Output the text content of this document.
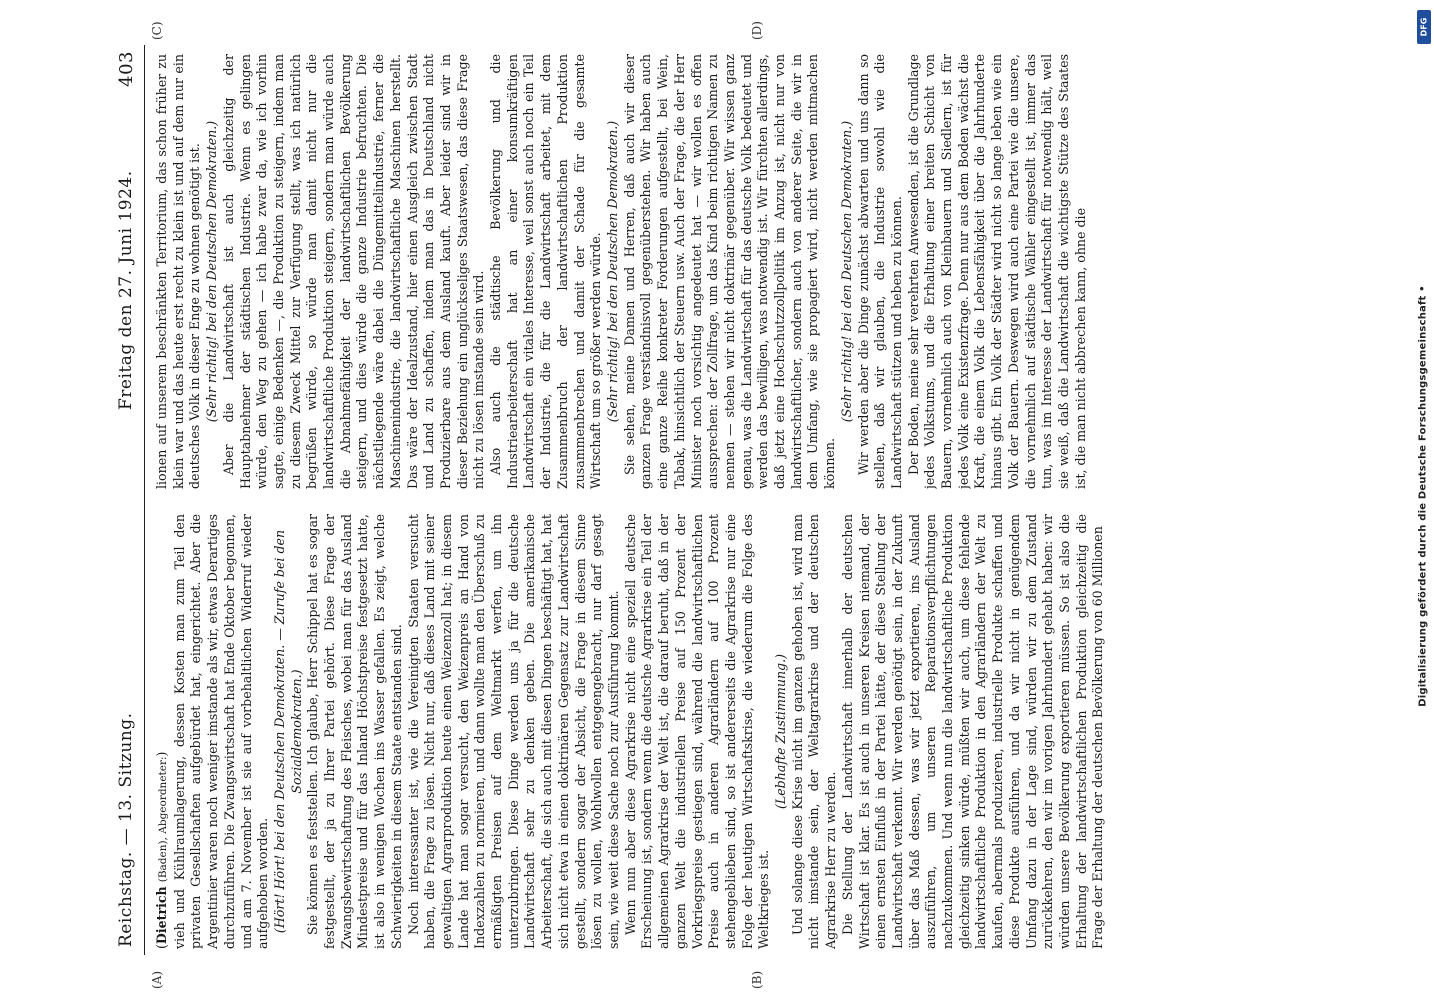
Reichstag. — 13. Sitzung.
Freitag den 27. Juni 1924.
403
(A)	(B)
(C)	(D)

(Dietrich (Baden), Abgeordneter:) vieh und Kühlraumlagerung, dessen Kosten man zum Teil den privaten Gesellschaften aufgebürdet hat, eingerichtet. Aber die Argentinier waren noch weniger imstande als wir, etwas Derartiges durchzuführen. Die Zwangswirtschaft hat Ende Oktober begonnen, und am 7. November ist sie auf vorbehaltlichen Widerruf wieder aufgehoben worden. (Hört! Hört! bei den Deutschen Demokraten. — Zurufe bei den Sozialdemokraten.) Sie können es feststellen. Ich glaube, Herr Schippel hat es sogar festgestellt, der ja zu Ihrer Partei gehört. Diese Frage der Zwangsbewirtschaftung des Fleisches, wobei man für das Ausland Mindestpreise und für das Inland Höchstpreise festgesetzt hatte, ist also in wenigen Wochen ins Wasser gefallen. Es zeigt, welche Schwierigkeiten in diesem Staate entstanden sind. Noch interessanter ist, wie die Vereinigten Staaten versucht haben, die Frage zu lösen. Nicht nur, daß dieses Land mit seiner gewaltigen Agrarproduktion heute einen Weizenzoll hat; in diesem Lande hat man sogar versucht, den Weizenpreis an Hand von Indexzahlen zu normieren, und dann wollte man den Überschuß zu ermäßigten Preisen auf dem Weltmarkt werfen, um ihn unterzubringen. Diese Dinge werden uns ja für die deutsche Landwirtschaft sehr zu denken geben. Die amerikanische Arbeiterschaft, die sich auch mit diesen Dingen beschäftigt hat, hat sich nicht etwa in einen doktrinären Gegensatz zur Landwirtschaft gestellt, sondern sogar der Absicht, die Frage in diesem Sinne lösen zu wollen, Wohlwollen entgegengebracht, nur darf gesagt sein, wie weit diese Sache noch zur Ausführung kommt. Wenn nun aber diese Agrarkrise nicht eine speziell deutsche Erscheinung ist, sondern wenn die deutsche Agrarkrise ein Teil der allgemeinen Agrarkrise der Welt ist, die darauf beruht, daß in der ganzen Welt die industriellen Preise auf 150 Prozent der Vorkriegspreise gestiegen sind, während die landwirtschaftlichen Preise auch in anderen Agrarländern auf 100 Prozent stehengeblieben sind, so ist andererseits die Agrarkrise nur eine Folge der heutigen Wirtschaftskrise, die wiederum die Folge des Weltkrieges ist.

(Lebhafte Zustimmung.) Und solange diese Krise nicht im ganzen gehoben ist, wird man nicht imstande sein, der Weltagrarkrise und der deutschen Agrarkrise Herr zu werden. Die Stellung der Landwirtschaft innerhalb der deutschen Wirtschaft ist klar. Es ist auch in unseren Kreisen niemand, der einen ernsten Einfluß in der Partei hätte, der diese Stellung der Landwirtschaft verkennt. Wir werden genötigt sein, in der Zukunft über das Maß dessen, was wir jetzt exportieren, ins Ausland auszuführen, um unseren Reparationsverpflichtungen nachzukommen. Und wenn nun die landwirtschaftliche Produktion gleichzeitig sinken würde, müßten wir auch, um diese fehlende landwirtschaftliche Produktion in den Agrarländern der Welt zu kaufen, abermals produzieren, industrielle Produkte schaffen und diese Produkte ausführen, und da wir nicht in genügendem Umfang dazu in der Lage sind, würden wir zu dem Zustand zurückkehren, den wir im vorigen Jahrhundert gehabt haben: wir würden unsere Bevölkerung exportieren müssen. So ist also die Erhaltung der landwirtschaftlichen Produktion gleichzeitig die Frage der Erhaltung der deutschen Bevölkerung von 60 Millionen

lionen auf unserem beschränkten Territorium, das schon früher zu klein war und das heute erst recht zu klein ist und auf dem nur ein deutsches Volk in dieser Enge zu wohnen genötigt ist. (Sehr richtig! bei den Deutschen Demokraten.) Aber die Landwirtschaft ist auch gleichzeitig der Hauptabnehmer der städtischen Industrie. Wenn es gelingen würde, den Weg zu gehen — ich habe zwar da, wie ich vorhin sagte, einige Bedenken —, die Produktion zu steigern, indem man zu diesem Zweck Mittel zur Verfügung stellt, was ich natürlich begrüßen würde, so würde man damit nicht nur die landwirtschaftliche Produktion steigern, sondern man würde auch die Abnahmefähigkeit der landwirtschaftlichen Bevölkerung steigern, und dies würde die ganze Industrie befruchten. Die nächstliegende wäre dabei die Düngemittelindustrie, ferner die Maschinenindustrie, die landwirtschaftliche Maschinen herstellt. Das wäre der Idealzustand, hier einen Ausgleich zwischen Stadt und Land zu schaffen, indem man das in Deutschland nicht Produzierbare aus dem Ausland kauft. Aber leider sind wir in dieser Beziehung ein unglückseliges Staatswesen, das diese Frage nicht zu lösen imstande sein wird. Also auch die städtische Bevölkerung und die Industriearbeiterschaft hat an einer konsumkräftigen Landwirtschaft ein vitales Interesse, weil sonst auch noch ein Teil der Industrie, die für die Landwirtschaft arbeitet, mit dem Zusammenbruch der landwirtschaftlichen Produktion zusammenbrechen und damit der Schade für die gesamte Wirtschaft um so größer werden würde. (Sehr richtig! bei den Deutschen Demokraten.) Sie sehen, meine Damen und Herren, daß auch wir dieser ganzen Frage verständnisvoll gegenüberstehen. Wir haben auch eine ganze Reihe konkreter Forderungen aufgestellt, bei Wein, Tabak, hinsichtlich der Steuern usw. Auch der Frage, die der Herr Minister noch vorsichtig angedeutet hat — wir wollen es offen aussprechen: der Zollfrage, um das Kind beim richtigen Namen zu nennen — stehen wir nicht doktrinär gegenüber. Wir wissen ganz genau, was die Landwirtschaft für das deutsche Volk bedeutet und werden das bewilligen, was notwendig ist. Wir fürchten allerdings, daß jetzt eine Hochschutzzollpolitik im Anzug ist, nicht nur von landwirtschaftlicher, sondern auch von anderer Seite, die wir in dem Umfang, wie sie propagiert wird, nicht werden mitmachen können.

(Sehr richtig! bei den Deutschen Demokraten.) Wir werden aber die Dinge zunächst abwarten und uns dann so stellen, daß wir glauben, die Industrie sowohl wie die Landwirtschaft stützen und heben zu können. Der Boden, meine sehr verehrten Anwesenden, ist die Grundlage jedes Volkstums, und die Erhaltung einer breiten Schicht von Bauern, vornehmlich auch von Kleinbauern und Siedlern, ist für jedes Volk eine Existenzfrage. Denn nur aus dem Boden wächst die Kraft, die einem Volk die Lebensfähigkeit über die Jahrhunderte hinaus gibt. Ein Volk der Städter wird nicht so lange leben wie ein Volk der Bauern. Deswegen wird auch eine Partei wie die unsere, die vornehmlich auf städtische Wähler eingestellt ist, immer das tun, was im Interesse der Landwirtschaft für notwendig hält, weil sie weiß, daß die Landwirtschaft die wichtigste Stütze des Staates ist, die man nicht abbrechen kann, ohne die

DFG
Digitalisierung gefördert durch die Deutsche Forschungsgemeinschaft •
